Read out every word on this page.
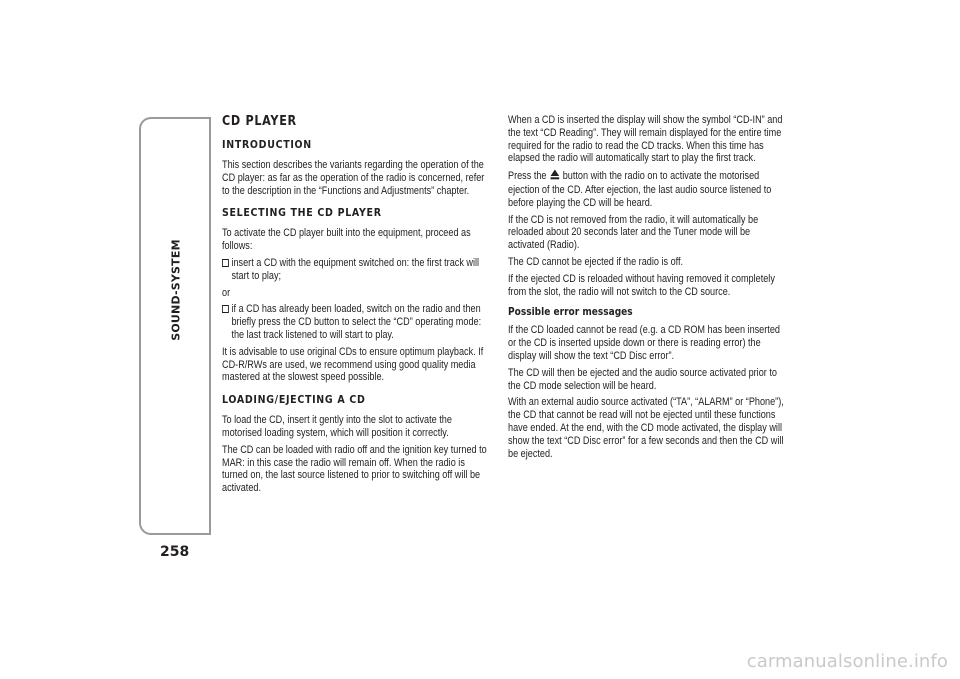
SOUND-SYSTEM
258
CD PLAYER
INTRODUCTION

This section describes the variants regarding the operation of the CD player: as far as the operation of the radio is concerned, refer to the description in the “Functions and Adjustments” chapter.

SELECTING THE CD PLAYER

To activate the CD player built into the equipment, proceed as follows:

insert a CD with the equipment switched on: the first track will start to play;

or

if a CD has already been loaded, switch on the radio and then briefly press the CD button to select the “CD” operating mode: the last track listened to will start to play.

It is advisable to use original CDs to ensure optimum playback. If CD-R/RWs are used, we recommend using good quality media mastered at the slowest speed possible.

LOADING/EJECTING A CD

To load the CD, insert it gently into the slot to activate the motorised loading system, which will position it correctly.

The CD can be loaded with radio off and the ignition key turned to MAR: in this case the radio will remain off. When the radio is turned on, the last source listened to prior to switching off will be activated.

When a CD is inserted the display will show the symbol “CD-IN” and the text “CD Reading”. They will remain displayed for the entire time required for the radio to read the CD tracks. When this time has elapsed the radio will automatically start to play the first track.

Press the  button with the radio on to activate the motorised ejection of the CD. After ejection, the last audio source listened to before playing the CD will be heard.

If the CD is not removed from the radio, it will automatically be reloaded about 20 seconds later and the Tuner mode will be activated (Radio).

The CD cannot be ejected if the radio is off.

If the ejected CD is reloaded without having removed it completely from the slot, the radio will not switch to the CD source.

Possible error messages

If the CD loaded cannot be read (e.g. a CD ROM has been inserted or the CD is inserted upside down or there is reading error) the display will show the text “CD Disc error”.

The CD will then be ejected and the audio source activated prior to the CD mode selection will be heard.

With an external audio source activated (“TA”, “ALARM” or “Phone”), the CD that cannot be read will not be ejected until these functions have ended. At the end, with the CD mode activated, the display will show the text “CD Disc error” for a few seconds and then the CD will be ejected.

carmanualsonline.info
